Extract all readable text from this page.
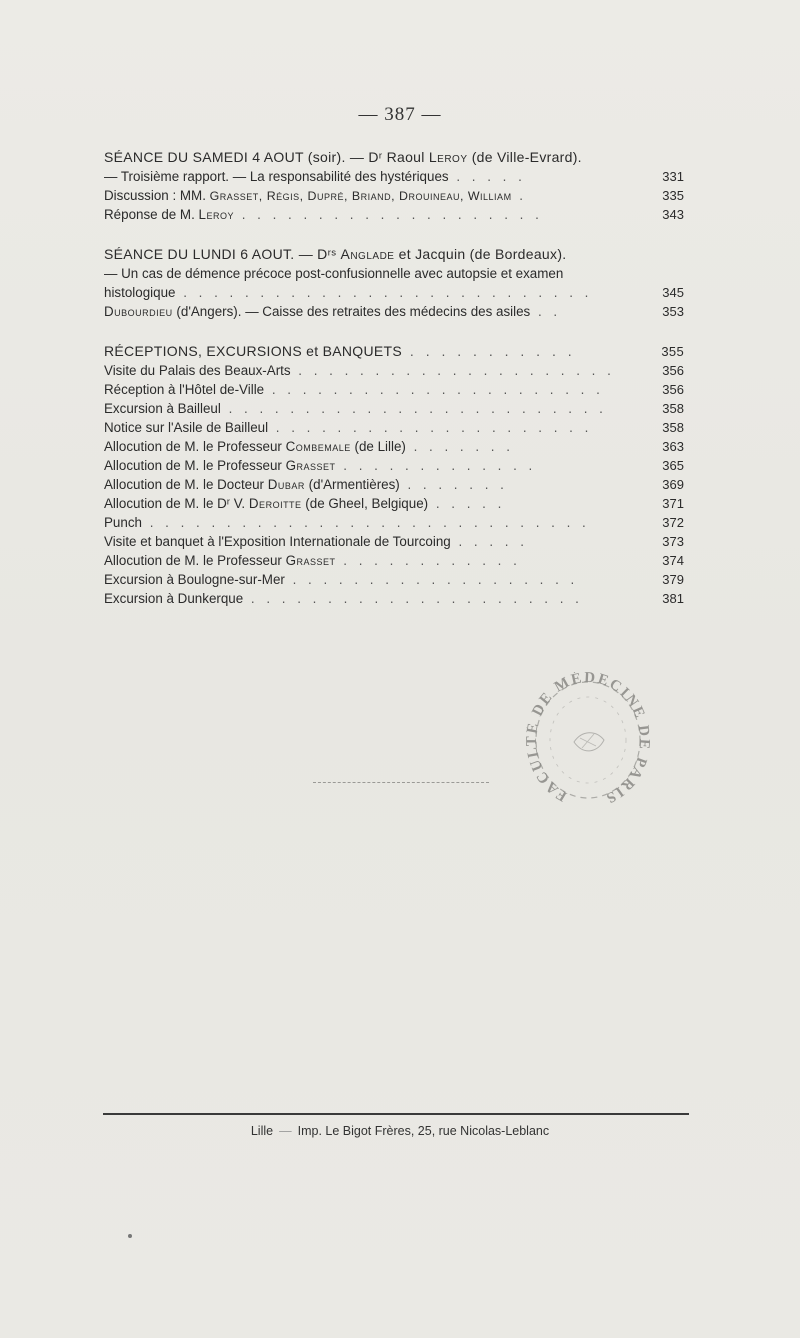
— 387 —
SÉANCE DU SAMEDI 4 AOUT (soir). — Dʳ Raoul Leroy (de Ville-Evrard).
— Troisième rapport. — La responsabilité des hystériques . . . . .	331
Discussion : MM. Grasset, Régis, Dupré, Briand, Drouineau, William .	335
Réponse de M. Leroy . . . . . . . . . . . . . . . . . . . .	343
SÉANCE DU LUNDI 6 AOUT. — Dʳˢ Anglade et Jacquin (de Bordeaux).
— Un cas de démence précoce post-confusionnelle avec autopsie et examen
histologique . . . . . . . . . . . . . . . . . . . . . . . . . . .	345
Dubourdieu (d'Angers). — Caisse des retraites des médecins des asiles . .	353
RÉCEPTIONS, EXCURSIONS et BANQUETS . . . . . . . . . . .	355
Visite du Palais des Beaux-Arts . . . . . . . . . . . . . . . . . . . . .	356
Réception à l'Hôtel de-Ville . . . . . . . . . . . . . . . . . . . . . .	356
Excursion à Bailleul . . . . . . . . . . . . . . . . . . . . . . . . .	358
Notice sur l'Asile de Bailleul . . . . . . . . . . . . . . . . . . . . .	358
Allocution de M. le Professeur Combemale (de Lille) . . . . . . .	363
Allocution de M. le Professeur Grasset . . . . . . . . . . . . .	365
Allocution de M. le Docteur Dubar (d'Armentières) . . . . . . .	369
Allocution de M. le Dʳ V. Deroitte (de Gheel, Belgique) . . . . .	371
Punch . . . . . . . . . . . . . . . . . . . . . . . . . . . . .	372
Visite et banquet à l'Exposition Internationale de Tourcoing . . . . .	373
Allocution de M. le Professeur Grasset . . . . . . . . . . . .	374
Excursion à Boulogne-sur-Mer . . . . . . . . . . . . . . . . . . .	379
Excursion à Dunkerque . . . . . . . . . . . . . . . . . . . . . .	381
FACUL É DE MÉDECINE PARIS
Lille — Imp. Le Bigot Frères, 25, rue Nicolas-Leblanc
